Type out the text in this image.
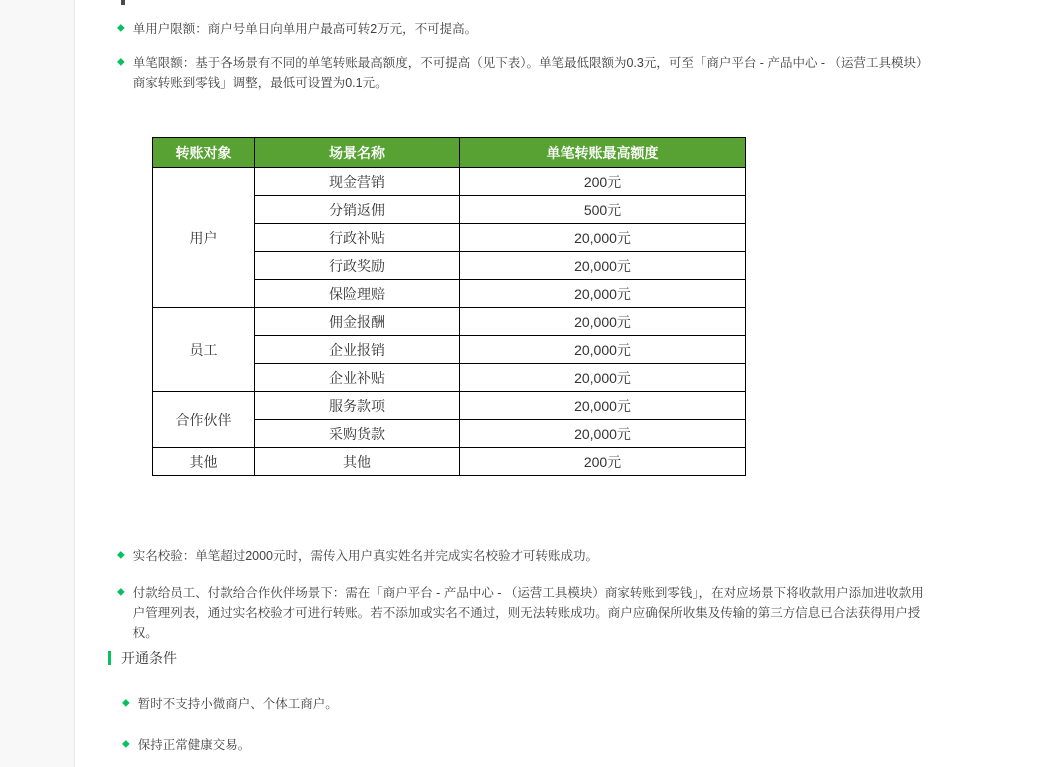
◆ 单用户限额：商户号单日向单用户最高可转2万元，不可提高。
◆ 单笔限额：基于各场景有不同的单笔转账最高额度，不可提高（见下表）。单笔最低限额为0.3元，可至「商户平台 - 产品中心 - （运营工具模块）商家转账到零钱」调整，最低可设置为0.1元。
转账对象	场景名称	单笔转账最高额度
用户	现金营销	200元
	分销返佣	500元
	行政补贴	20,000元
	行政奖励	20,000元
	保险理赔	20,000元
员工	佣金报酬	20,000元
	企业报销	20,000元
	企业补贴	20,000元
合作伙伴	服务款项	20,000元
	采购货款	20,000元
其他	其他	200元
◆ 实名校验：单笔超过2000元时，需传入用户真实姓名并完成实名校验才可转账成功。
◆ 付款给员工、付款给合作伙伴场景下：需在「商户平台 - 产品中心 - （运营工具模块）商家转账到零钱」，在对应场景下将收款用户添加进收款用户管理列表，通过实名校验才可进行转账。若不添加或实名不通过，则无法转账成功。商户应确保所收集及传输的第三方信息已合法获得用户授权。
开通条件
◆ 暂时不支持小微商户、个体工商户。
◆ 保持正常健康交易。
